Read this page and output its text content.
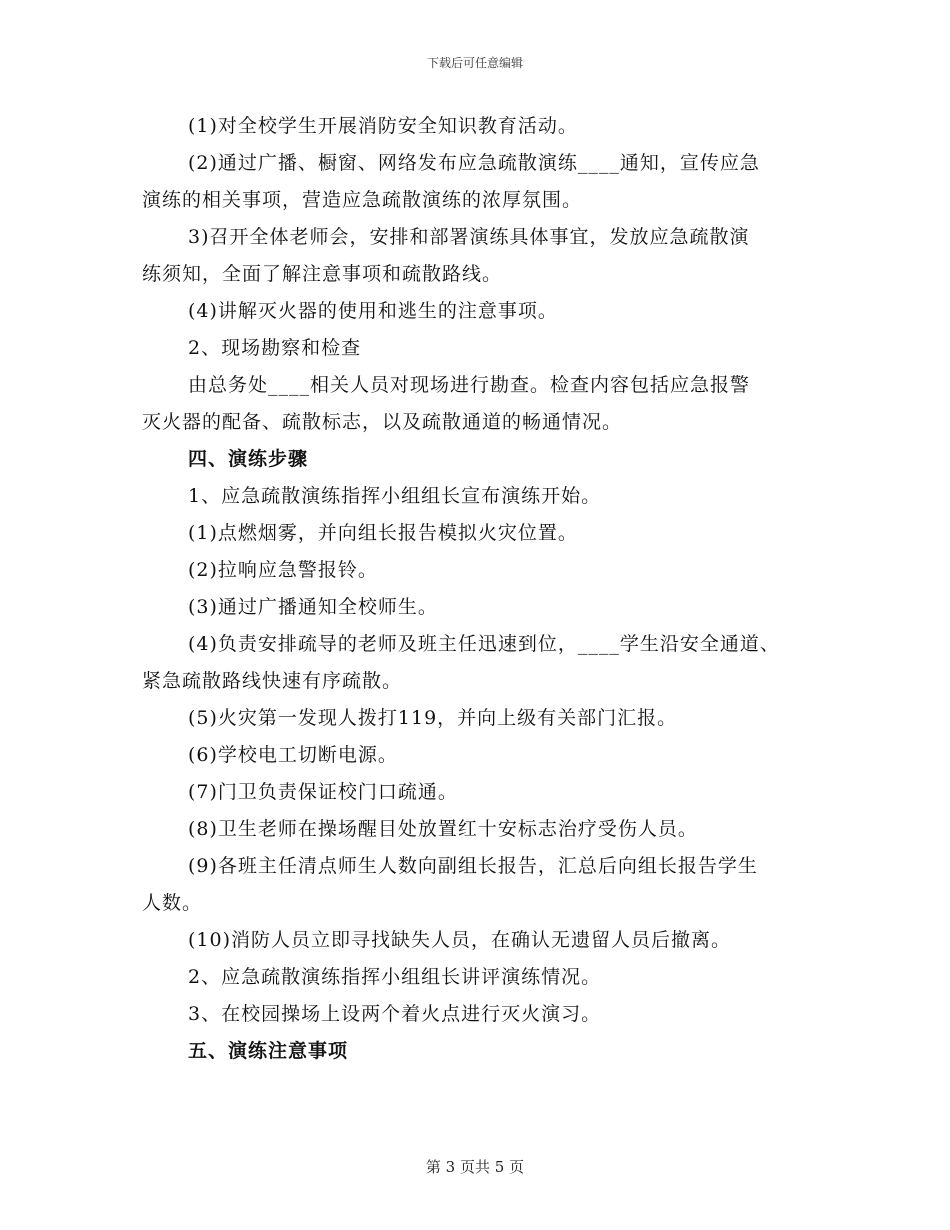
下载后可任意编辑

(1)对全校学生开展消防安全知识教育活动。

(2)通过广播、橱窗、网络发布应急疏散演练____通知，宣传应急

演练的相关事项，营造应急疏散演练的浓厚氛围。

3)召开全体老师会，安排和部署演练具体事宜，发放应急疏散演

练须知，全面了解注意事项和疏散路线。

(4)讲解灭火器的使用和逃生的注意事项。

2、现场勘察和检查

由总务处____相关人员对现场进行勘查。检查内容包括应急报警

灭火器的配备、疏散标志，以及疏散通道的畅通情况。

四、演练步骤

1、应急疏散演练指挥小组组长宣布演练开始。

(1)点燃烟雾，并向组长报告模拟火灾位置。

(2)拉响应急警报铃。

(3)通过广播通知全校师生。

(4)负责安排疏导的老师及班主任迅速到位，____学生沿安全通道、

紧急疏散路线快速有序疏散。

(5)火灾第一发现人拨打119，并向上级有关部门汇报。

(6)学校电工切断电源。

(7)门卫负责保证校门口疏通。

(8)卫生老师在操场醒目处放置红十安标志治疗受伤人员。

(9)各班主任清点师生人数向副组长报告，汇总后向组长报告学生

人数。

(10)消防人员立即寻找缺失人员，在确认无遗留人员后撤离。

2、应急疏散演练指挥小组组长讲评演练情况。

3、在校园操场上设两个着火点进行灭火演习。

五、演练注意事项

第 3 页共 5 页
